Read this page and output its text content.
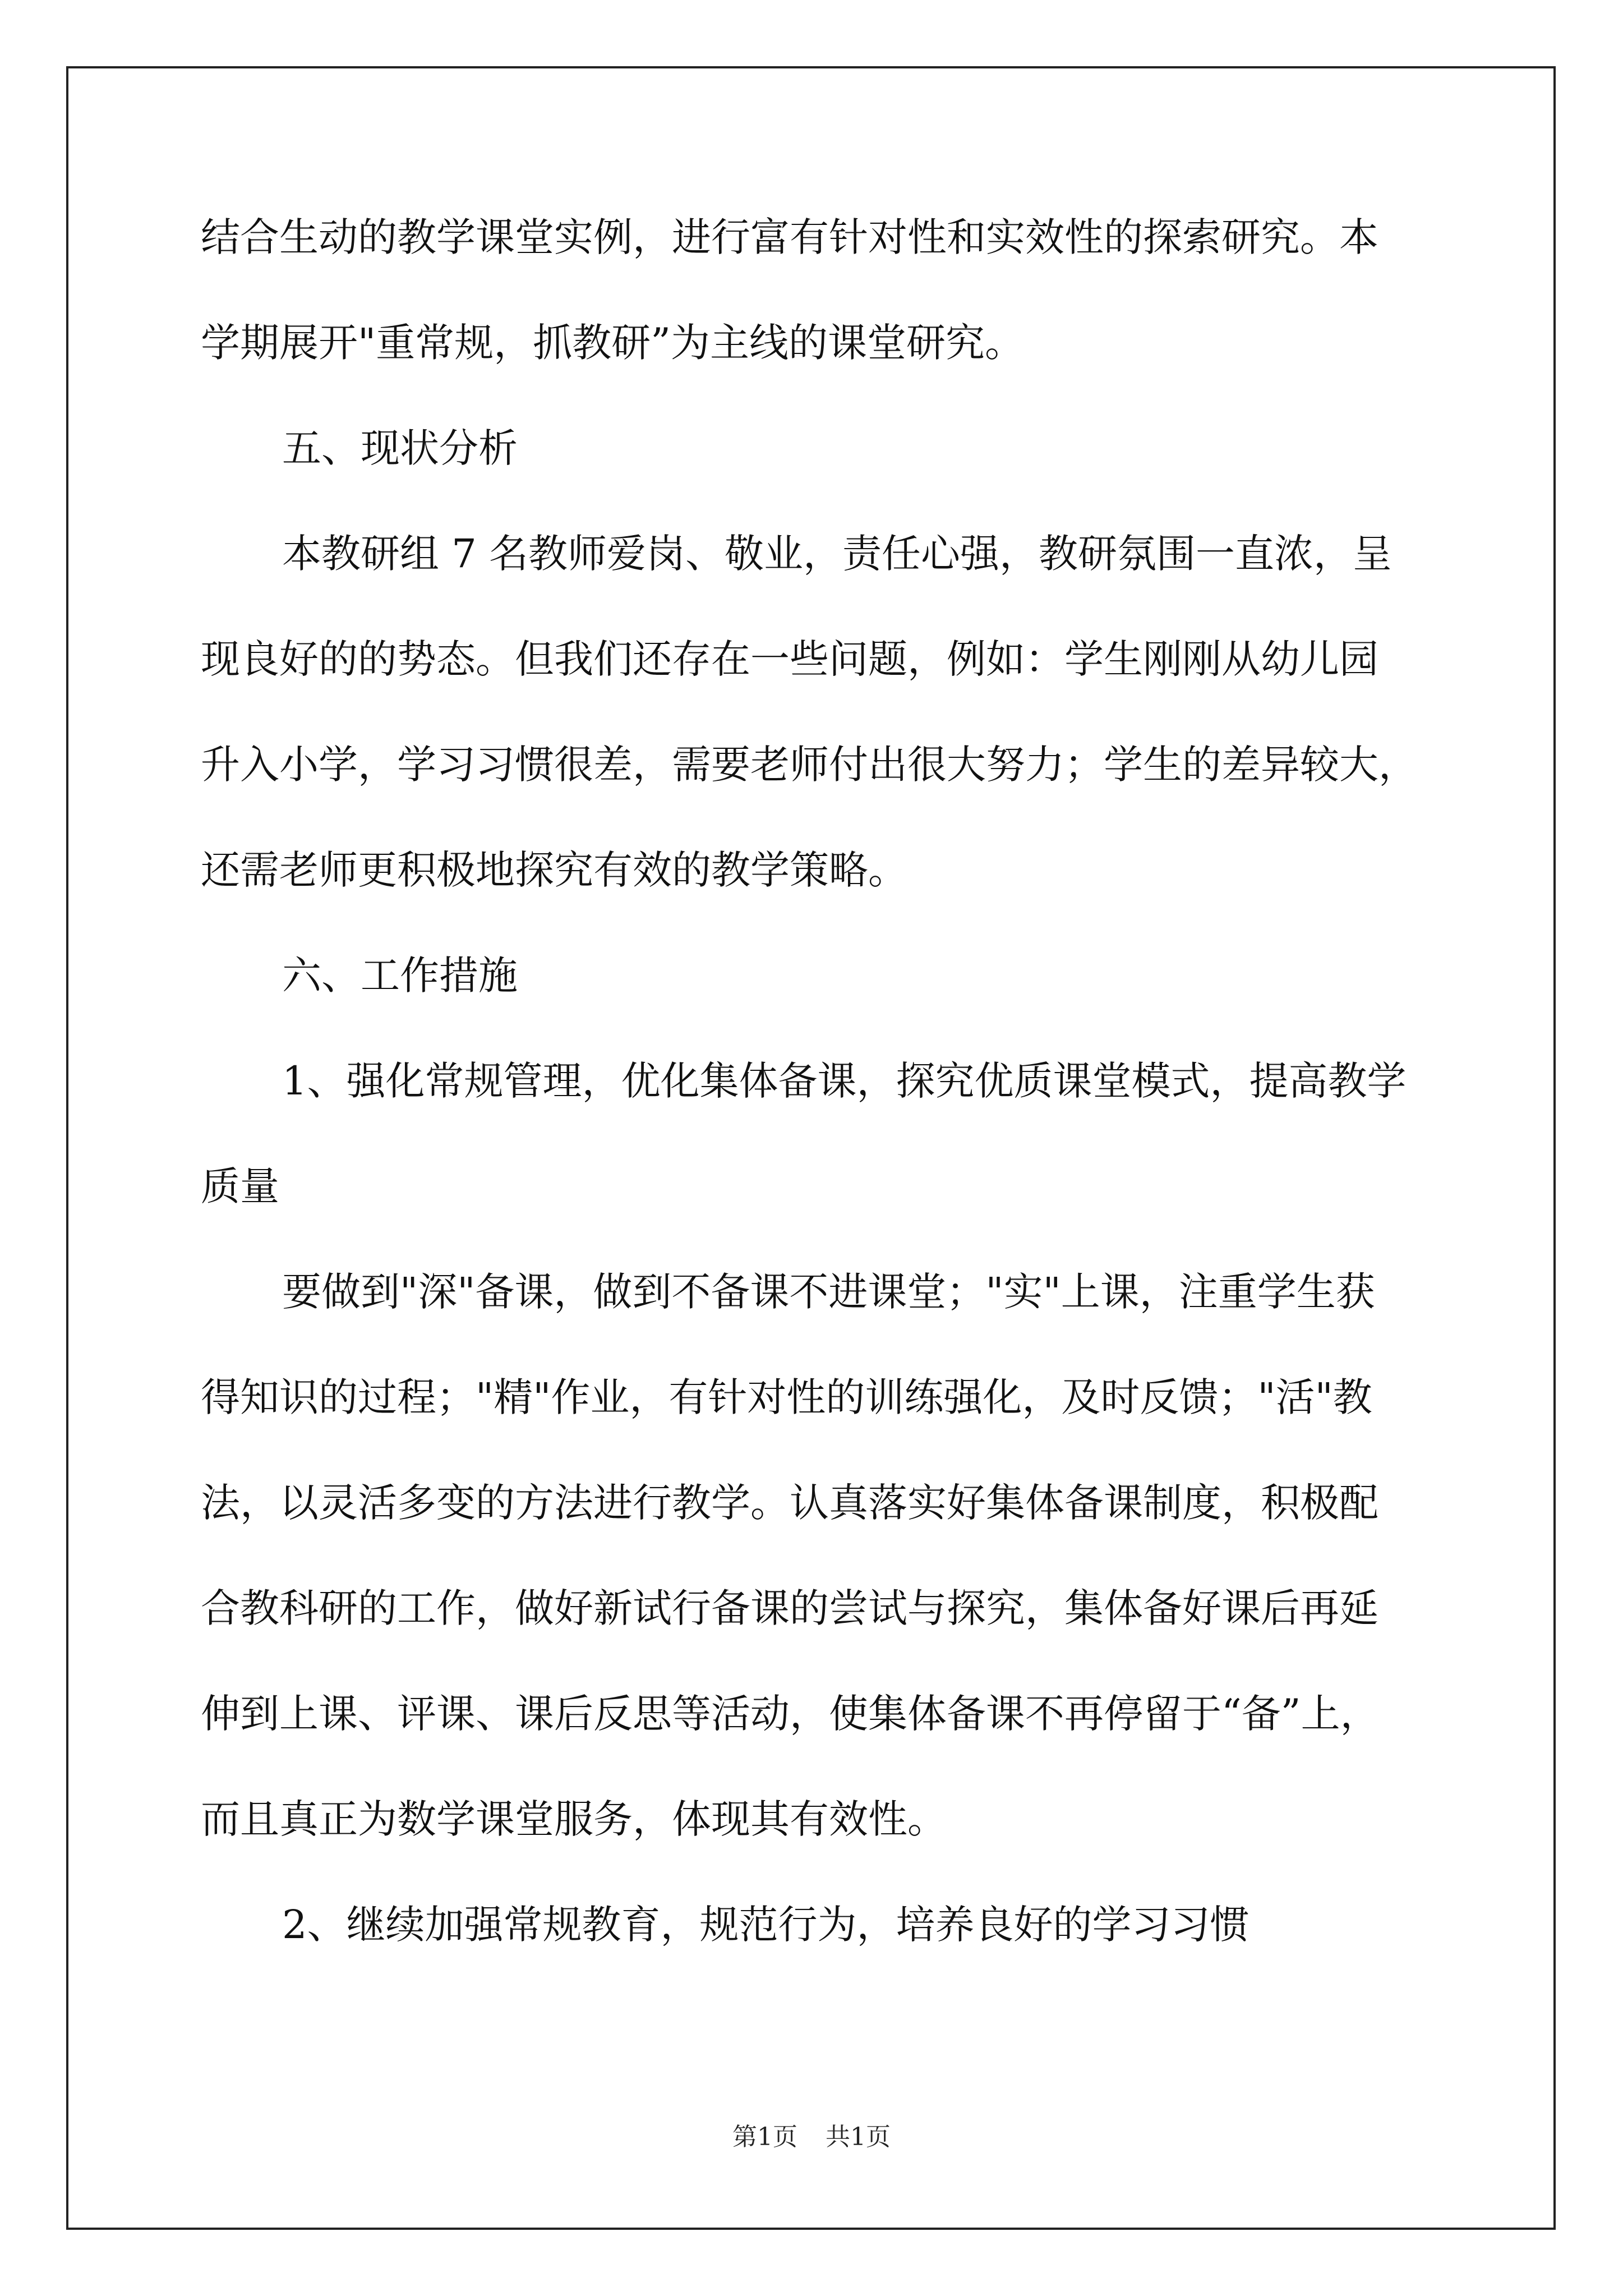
结合生动的教学课堂实例，进行富有针对性和实效性的探索研究。本
学期展开"重常规，抓教研”为主线的课堂研究。
五、现状分析
本教研组 7 名教师爱岗、敬业，责任心强，教研氛围一直浓，呈
现良好的的势态。但我们还存在一些问题，例如：学生刚刚从幼儿园
升入小学，学习习惯很差，需要老师付出很大努力；学生的差异较大，
还需老师更积极地探究有效的教学策略。
六、工作措施
1、强化常规管理，优化集体备课，探究优质课堂模式，提高教学
质量
要做到"深"备课，做到不备课不进课堂；"实"上课，注重学生获
得知识的过程；"精"作业，有针对性的训练强化，及时反馈；"活"教
法，以灵活多变的方法进行教学。认真落实好集体备课制度，积极配
合教科研的工作，做好新试行备课的尝试与探究，集体备好课后再延
伸到上课、评课、课后反思等活动，使集体备课不再停留于“备”上，
而且真正为数学课堂服务，体现其有效性。
2、继续加强常规教育，规范行为，培养良好的学习习惯
第1页 共1页
